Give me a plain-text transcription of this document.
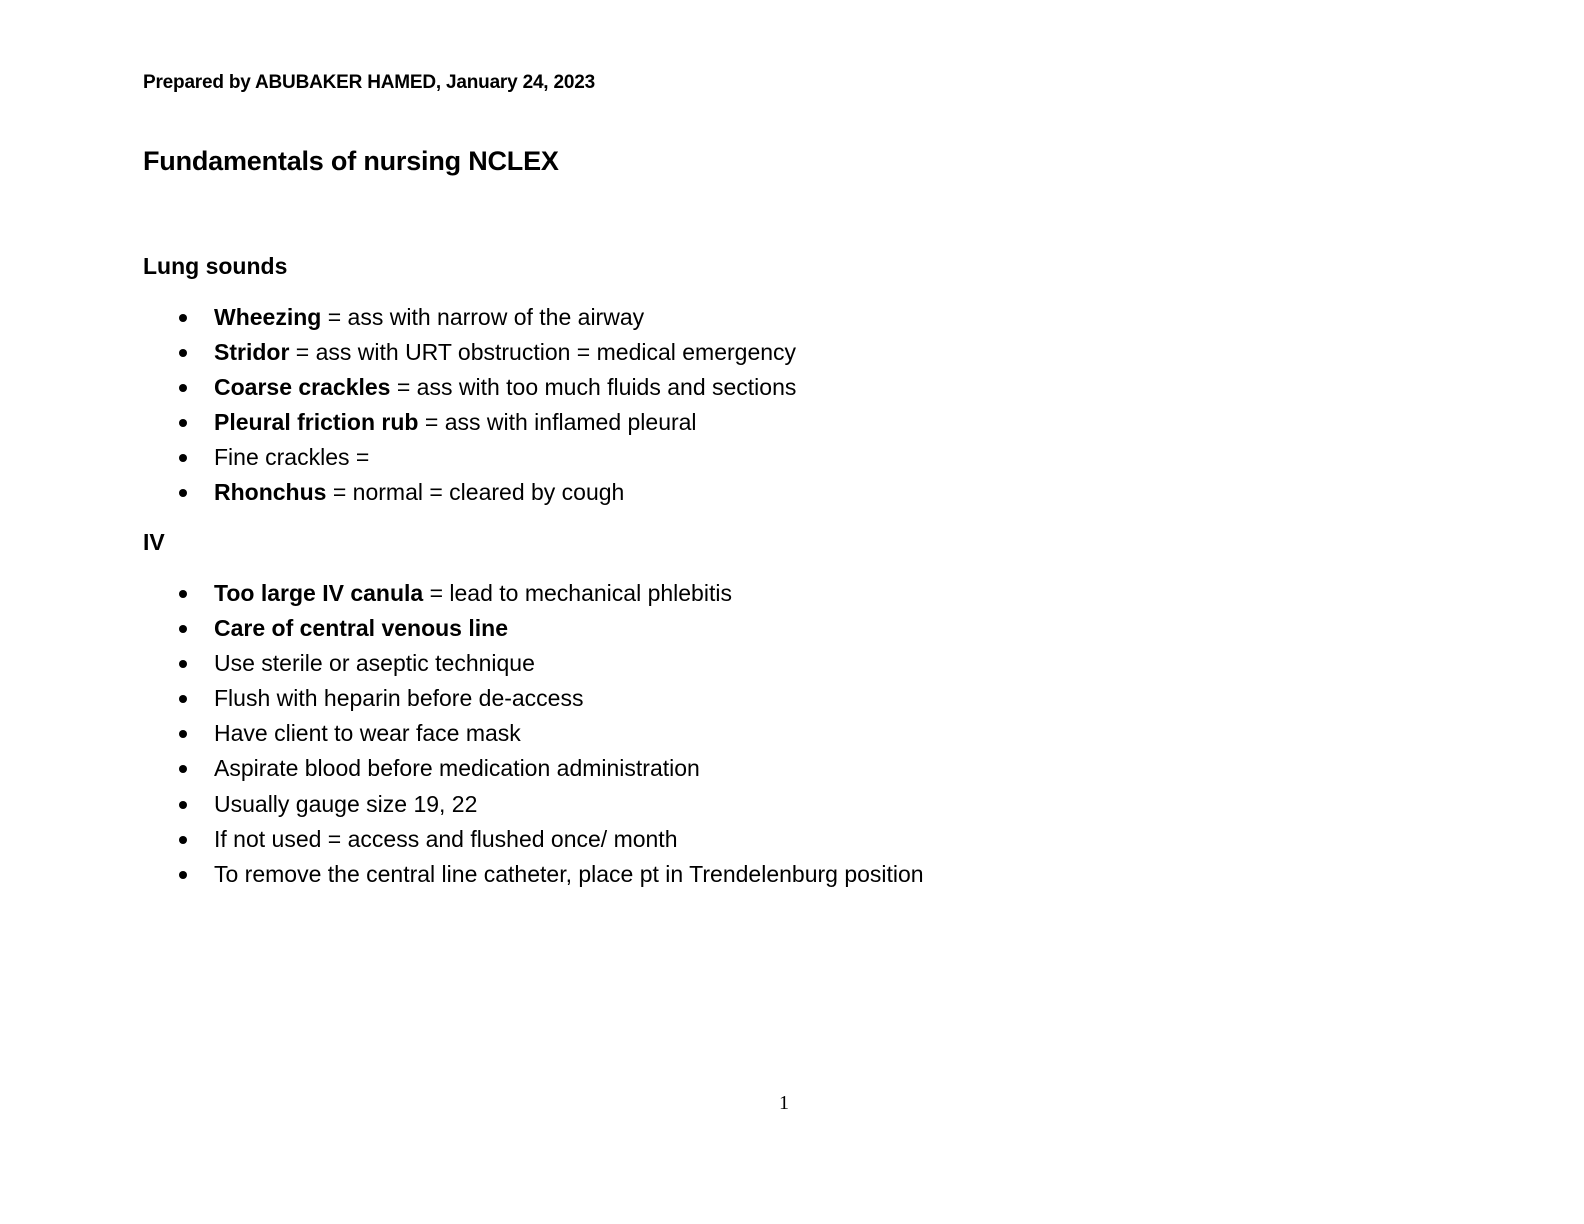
Prepared by ABUBAKER HAMED, January 24, 2023
Fundamentals of nursing NCLEX
Lung sounds
Wheezing = ass with narrow of the airway
Stridor = ass with URT obstruction = medical emergency
Coarse crackles = ass with too much fluids and sections
Pleural friction rub = ass with inflamed pleural
Fine crackles =
Rhonchus = normal = cleared by cough
IV
Too large IV canula = lead to mechanical phlebitis
Care of central venous line
Use sterile or aseptic technique
Flush with heparin before de-access
Have client to wear face mask
Aspirate blood before medication administration
Usually gauge size 19, 22
If not used = access and flushed once/ month
To remove the central line catheter, place pt in Trendelenburg position
1
